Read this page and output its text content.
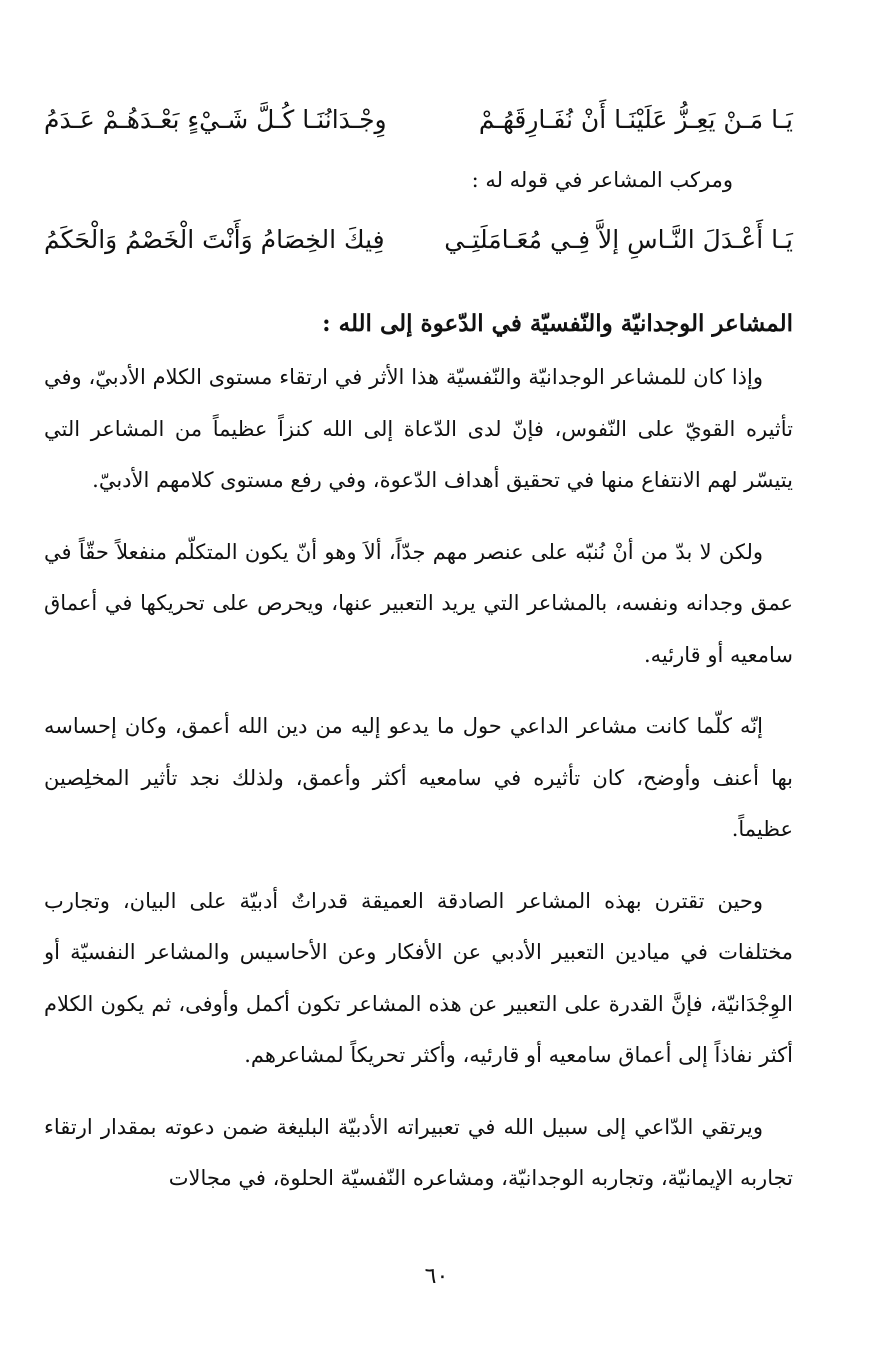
يَـا مَـنْ يَعِـزُّ عَلَيْنَـا أَنْ نُفَـارِقَهُـمْ
وِجْـدَانُنَـا كُـلَّ شَـيْءٍ بَعْـدَهُـمْ عَـدَمُ
ومركب المشاعر في قوله له :
يَـا أَعْـدَلَ النَّـاسِ إلاَّ فِـي مُعَـامَلَتِـي
فِيكَ الخِصَامُ وَأَنْتَ الْخَصْمُ وَالْحَكَمُ
المشاعر الوجدانيّة والنّفسيّة في الدّعوة إلى الله :

وإذا كان للمشاعر الوجدانيّة والنّفسيّة هذا الأثر في ارتقاء مستوى الكلام الأدبيّ، وفي تأثيره القويّ على النّفوس، فإنّ لدى الدّعاة إلى الله كنزاً عظيماً من المشاعر التي يتيسّر لهم الانتفاع منها في تحقيق أهداف الدّعوة، وفي رفع مستوى كلامهم الأدبيّ.

ولكن لا بدّ من أنْ نُنبّه على عنصر مهم جدّاً، ألاَ وهو أنّ يكون المتكلّم منفعلاً حقّاً في عمق وجدانه ونفسه، بالمشاعر التي يريد التعبير عنها، ويحرص على تحريكها في أعماق سامعيه أو قارئيه.

إنّه كلّما كانت مشاعر الداعي حول ما يدعو إليه من دين الله أعمق، وكان إحساسه بها أعنف وأوضح، كان تأثيره في سامعيه أكثر وأعمق، ولذلك نجد تأثير المخلِصين عظيماً.

وحين تقترن بهذه المشاعر الصادقة العميقة قدراتٌ أدبيّة على البيان، وتجارب مختلفات في ميادين التعبير الأدبي عن الأفكار وعن الأحاسيس والمشاعر النفسيّة أو الوِجْدَانيّة، فإنَّ القدرة على التعبير عن هذه المشاعر تكون أكمل وأوفى، ثم يكون الكلام أكثر نفاذاً إلى أعماق سامعيه أو قارئيه، وأكثر تحريكاً لمشاعرهم.

ويرتقي الدّاعي إلى سبيل الله في تعبيراته الأدبيّة البليغة ضمن دعوته بمقدار ارتقاء تجاربه الإيمانيّة، وتجاربه الوجدانيّة، ومشاعره النّفسيّة الحلوة، في مجالات

٦٠
